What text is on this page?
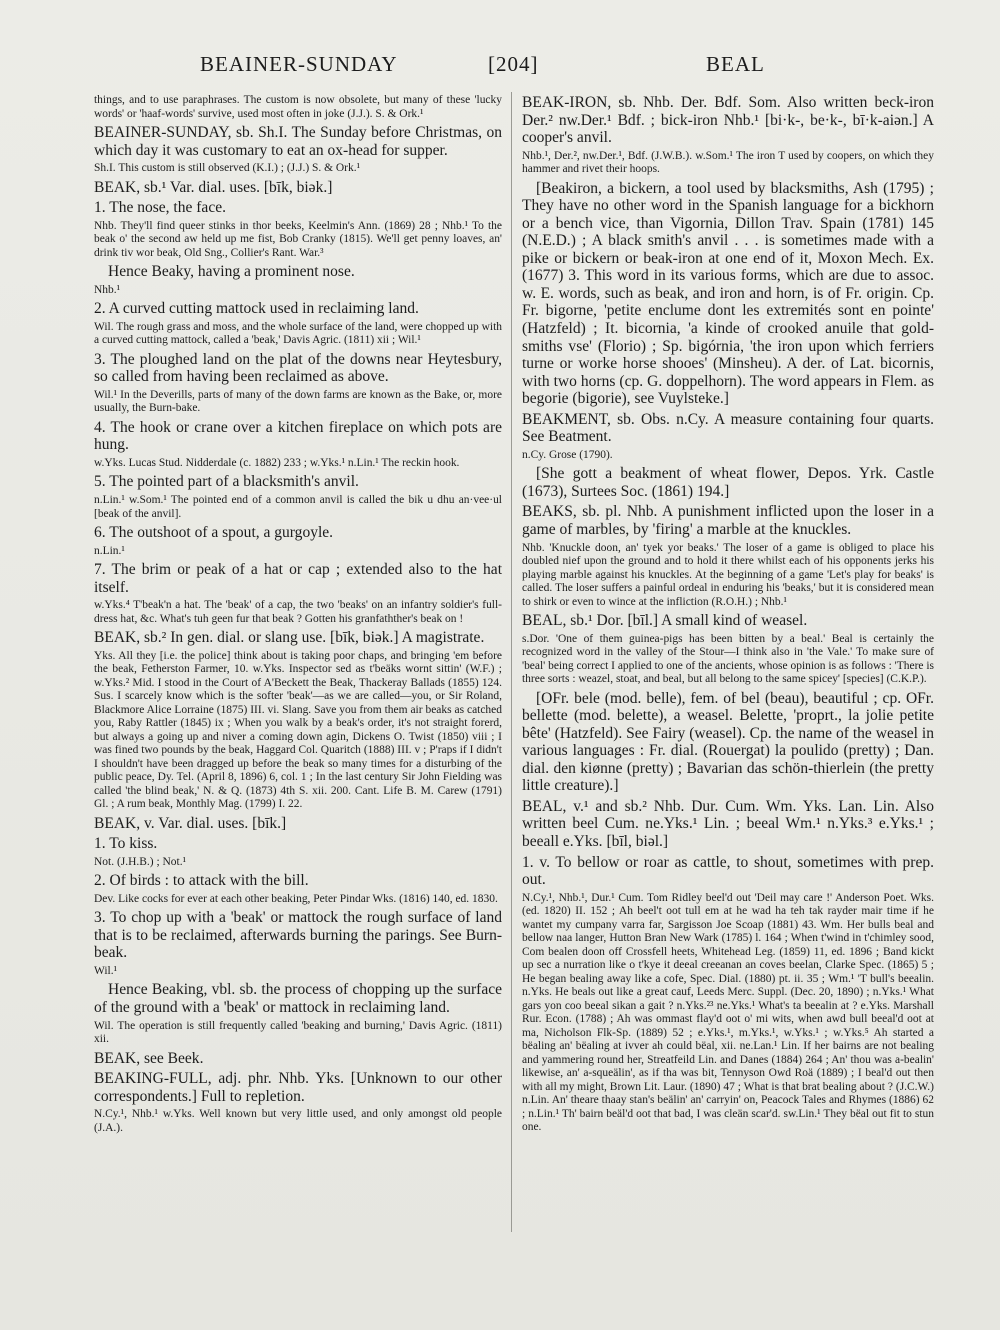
BEAINER-SUNDAY	[204]	BEAL

things, and to use paraphrases. The custom is now obsolete, but many of these 'lucky words' or 'haaf-words' survive, used most often in joke (J.J.). S. & Ork.¹

BEAINER-SUNDAY, sb. Sh.I. The Sunday before Christmas, on which day it was customary to eat an ox-head for supper.

Sh.I. This custom is still observed (K.I.) ; (J.J.) S. & Ork.¹

BEAK, sb.¹ Var. dial. uses. [bīk, biək.]

1. The nose, the face.

Nhb. They'll find queer stinks in thor beeks, Keelmin's Ann. (1869) 28 ; Nhb.¹ To the beak o' the second aw held up me fist, Bob Cranky (1815). We'll get penny loaves, an' drink tiv wor beak, Old Sng., Collier's Rant. War.³

Hence Beaky, having a prominent nose.

Nhb.¹

2. A curved cutting mattock used in reclaiming land.

Wil. The rough grass and moss, and the whole surface of the land, were chopped up with a curved cutting mattock, called a 'beak,' Davis Agric. (1811) xii ; Wil.¹

3. The ploughed land on the plat of the downs near Heytesbury, so called from having been reclaimed as above.

Wil.¹ In the Deverills, parts of many of the down farms are known as the Bake, or, more usually, the Burn-bake.

4. The hook or crane over a kitchen fireplace on which pots are hung.

w.Yks. Lucas Stud. Nidderdale (c. 1882) 233 ; w.Yks.¹ n.Lin.¹ The reckin hook.

5. The pointed part of a blacksmith's anvil.

n.Lin.¹ w.Som.¹ The pointed end of a common anvil is called the bik u dhu an·vee·ul [beak of the anvil].

6. The outshoot of a spout, a gurgoyle.

n.Lin.¹

7. The brim or peak of a hat or cap ; extended also to the hat itself.

w.Yks.⁴ T'beak'n a hat. The 'beak' of a cap, the two 'beaks' on an infantry soldier's full-dress hat, &c. What's tuh geen fur that beak ? Gotten his granfathther's beak on !

BEAK, sb.² In gen. dial. or slang use. [bīk, biək.] A magistrate.

Yks. All they [i.e. the police] think about is taking poor chaps, and bringing 'em before the beak, Fetherston Farmer, 10. w.Yks. Inspector sed as t'beäks wornt sittin' (W.F.) ; w.Yks.² Mid. I stood in the Court of A'Beckett the Beak, Thackeray Ballads (1855) 124. Sus. I scarcely know which is the softer 'beak'—as we are called—you, or Sir Roland, Blackmore Alice Lorraine (1875) III. vi. Slang. Save you from them air beaks as catched you, Raby Rattler (1845) ix ; When you walk by a beak's order, it's not straight forerd, but always a going up and niver a coming down agin, Dickens O. Twist (1850) viii ; I was fined two pounds by the beak, Haggard Col. Quaritch (1888) III. v ; P'raps if I didn't I shouldn't have been dragged up before the beak so many times for a disturbing of the public peace, Dy. Tel. (April 8, 1896) 6, col. 1 ; In the last century Sir John Fielding was called 'the blind beak,' N. & Q. (1873) 4th S. xii. 200. Cant. Life B. M. Carew (1791) Gl. ; A rum beak, Monthly Mag. (1799) I. 22.

BEAK, v. Var. dial. uses. [bīk.]

1. To kiss.

Not. (J.H.B.) ; Not.¹

2. Of birds : to attack with the bill.

Dev. Like cocks for ever at each other beaking, Peter Pindar Wks. (1816) 140, ed. 1830.

3. To chop up with a 'beak' or mattock the rough surface of land that is to be reclaimed, afterwards burning the parings. See Burn-beak.

Wil.¹

Hence Beaking, vbl. sb. the process of chopping up the surface of the ground with a 'beak' or mattock in reclaiming land.

Wil. The operation is still frequently called 'beaking and burning,' Davis Agric. (1811) xii.

BEAK, see Beek.

BEAKING-FULL, adj. phr. Nhb. Yks. [Unknown to our other correspondents.] Full to repletion.

N.Cy.¹, Nhb.¹ w.Yks. Well known but very little used, and only amongst old people (J.A.).

BEAK-IRON, sb. Nhb. Der. Bdf. Som. Also written beck-iron Der.² nw.Der.¹ Bdf. ; bick-iron Nhb.¹ [bi·k-, be·k-, bī·k-aiən.] A cooper's anvil.

Nhb.¹, Der.², nw.Der.¹, Bdf. (J.W.B.). w.Som.¹ The iron T used by coopers, on which they hammer and rivet their hoops.

[Beakiron, a bickern, a tool used by blacksmiths, Ash (1795) ; They have no other word in the Spanish language for a bickhorn or a bench vice, than Vigornia, Dillon Trav. Spain (1781) 145 (N.E.D.) ; A black smith's anvil . . . is sometimes made with a pike or bickern or beak-iron at one end of it, Moxon Mech. Ex. (1677) 3. This word in its various forms, which are due to assoc. w. E. words, such as beak, and iron and horn, is of Fr. origin. Cp. Fr. bigorne, 'petite enclume dont les extremités sont en pointe' (Hatzfeld) ; It. bicornia, 'a kinde of crooked anuile that gold-smiths vse' (Florio) ; Sp. bigórnia, 'the iron upon which ferriers turne or worke horse shooes' (Minsheu). A der. of Lat. bicornis, with two horns (cp. G. doppelhorn). The word appears in Flem. as begorie (bigorie), see Vuylsteke.]

BEAKMENT, sb. Obs. n.Cy. A measure containing four quarts. See Beatment.

n.Cy. Grose (1790).

[She gott a beakment of wheat flower, Depos. Yrk. Castle (1673), Surtees Soc. (1861) 194.]

BEAKS, sb. pl. Nhb. A punishment inflicted upon the loser in a game of marbles, by 'firing' a marble at the knuckles.

Nhb. 'Knuckle doon, an' tyek yor beaks.' The loser of a game is obliged to place his doubled nief upon the ground and to hold it there whilst each of his opponents jerks his playing marble against his knuckles. At the beginning of a game 'Let's play for beaks' is called. The loser suffers a painful ordeal in enduring his 'beaks,' but it is considered mean to shirk or even to wince at the infliction (R.O.H.) ; Nhb.¹

BEAL, sb.¹ Dor. [bīl.] A small kind of weasel.

s.Dor. 'One of them guinea-pigs has been bitten by a beal.' Beal is certainly the recognized word in the valley of the Stour—I think also in 'the Vale.' To make sure of 'beal' being correct I applied to one of the ancients, whose opinion is as follows : 'There is three sorts : weazel, stoat, and beal, but all belong to the same spicey' [species] (C.K.P.).

[OFr. bele (mod. belle), fem. of bel (beau), beautiful ; cp. OFr. bellette (mod. belette), a weasel. Belette, 'proprt., la jolie petite bête' (Hatzfeld). See Fairy (weasel). Cp. the name of the weasel in various languages : Fr. dial. (Rouergat) la poulido (pretty) ; Dan. dial. den kiønne (pretty) ; Bavarian das schön-thierlein (the pretty little creature).]

BEAL, v.¹ and sb.² Nhb. Dur. Cum. Wm. Yks. Lan. Lin. Also written beel Cum. ne.Yks.¹ Lin. ; beeal Wm.¹ n.Yks.³ e.Yks.¹ ; beeall e.Yks. [bīl, biəl.]

1. v. To bellow or roar as cattle, to shout, sometimes with prep. out.

N.Cy.¹, Nhb.¹, Dur.¹ Cum. Tom Ridley beel'd out 'Deil may care !' Anderson Poet. Wks. (ed. 1820) II. 152 ; Ah beel't oot tull em at he wad ha teh tak rayder mair time if he wantet my cumpany varra far, Sargisson Joe Scoap (1881) 43. Wm. Her bulls beal and bellow naa langer, Hutton Bran New Wark (1785) l. 164 ; When t'wind in t'chimley sood, Com bealen doon off Crossfell heets, Whitehead Leg. (1859) 11, ed. 1896 ; Band kickt up sec a nurration like o t'kye it deeal creeanan an coves beelan, Clarke Spec. (1865) 5 ; He began bealing away like a cofe, Spec. Dial. (1880) pt. ii. 35 ; Wm.¹ 'T bull's beealin. n.Yks. He beals out like a great cauf, Leeds Merc. Suppl. (Dec. 20, 1890) ; n.Yks.¹ What gars yon coo beeal sikan a gait ? n.Yks.²³ ne.Yks.¹ What's ta beealin at ? e.Yks. Marshall Rur. Econ. (1788) ; Ah was ommast flay'd oot o' mi wits, when awd bull beeal'd oot at ma, Nicholson Flk-Sp. (1889) 52 ; e.Yks.¹, m.Yks.¹, w.Yks.¹ ; w.Yks.⁵ Ah started a bëaling an' bëaling at ivver ah could bëal, xii. ne.Lan.¹ Lin. If her bairns are not bealing and yammering round her, Streatfeild Lin. and Danes (1884) 264 ; An' thou was a-bealin' likewise, an' a-squeälin', as if tha was bit, Tennyson Owd Roä (1889) ; I beal'd out then with all my might, Brown Lit. Laur. (1890) 47 ; What is that brat bealing about ? (J.C.W.) n.Lin. An' theare thaay stan's beälin' an' carryin' on, Peacock Tales and Rhymes (1886) 62 ; n.Lin.¹ Th' bairn beäl'd oot that bad, I was cleän scar'd. sw.Lin.¹ They bëal out fit to stun one.
